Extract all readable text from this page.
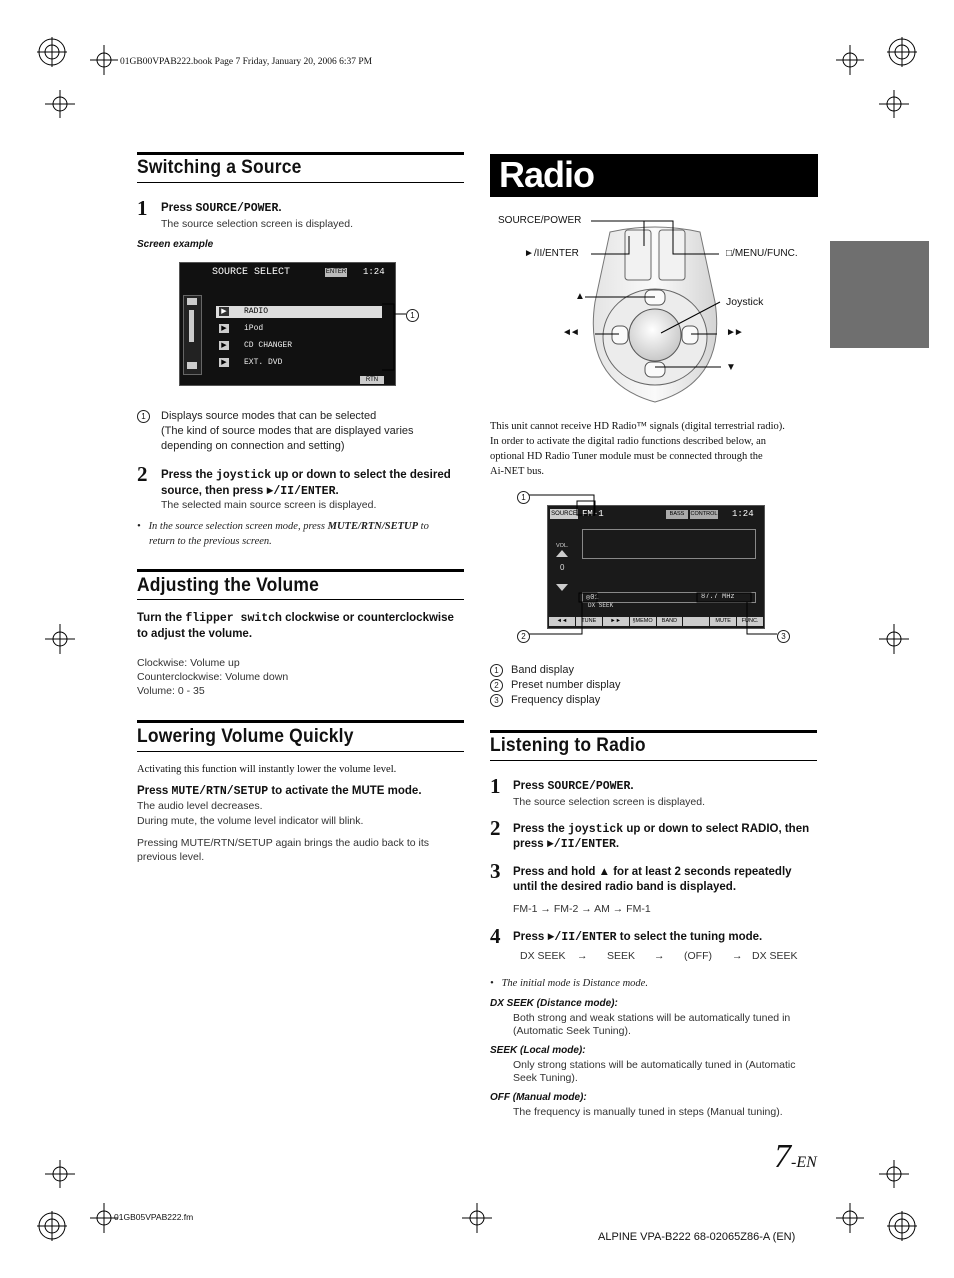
01GB00VPAB222.book Page 7 Friday, January 20, 2006 6:37 PM
Switching a Source
1 Press SOURCE/POWER.
The source selection screen is displayed.
Screen example
SOURCE SELECT	ENTER 1:24
▶ RADIO
▶ iPod
▶ CD CHANGER
▶ EXT. DVD
RTN
1
1	Displays source modes that can be selected
(The kind of source modes that are displayed varies
depending on connection and setting)
2 Press the joystick up or down to select the desired
source, then press ►/II/ENTER.
The selected main source screen is displayed.
•   In the source selection screen mode, press MUTE/RTN/SETUP to
return to the previous screen.
Adjusting the Volume
Turn the flipper switch clockwise or counterclockwise
to adjust the volume.
Clockwise: Volume up
Counterclockwise: Volume down
Volume: 0 - 35
Lowering Volume Quickly
Activating this function will instantly lower the volume level.
Press MUTE/RTN/SETUP to activate the MUTE mode.
The audio level decreases.
During mute, the volume level indicator will blink.
Pressing MUTE/RTN/SETUP again brings the audio back to its
previous level.
Radio
SOURCE/POWER
►/II/ENTER	□/MENU/FUNC.
▲	Joystick
◄◄	►►
▼
This unit cannot receive HD Radio™ signals (digital terrestrial radio).
In order to activate the digital radio functions described below, an
optional HD Radio Tuner module must be connected through the
Ai-NET bus.
SOURCE FM-1	BASS	CONTROL 1:24
VOL.
0
◎01	87.7 MHz
DX SEEK
◄◄	TUNE	►►	§MEMO	BAND	MUTE	FUNC.
1
2	3
1 Band display
2 Preset number display
3 Frequency display
Listening to Radio
1 Press SOURCE/POWER.
The source selection screen is displayed.
2 Press the joystick up or down to select RADIO, then
press ►/II/ENTER.
3 Press and hold ▲ for at least 2 seconds repeatedly
until the desired radio band is displayed.
FM-1 → FM-2 → AM → FM-1
4 Press ►/II/ENTER to select the tuning mode.
DX SEEK → SEEK → (OFF) → DX SEEK
•   The initial mode is Distance mode.
DX SEEK (Distance mode):
Both strong and weak stations will be automatically tuned in
(Automatic Seek Tuning).
SEEK (Local mode):
Only strong stations will be automatically tuned in (Automatic
Seek Tuning).
OFF (Manual mode):
The frequency is manually tuned in steps (Manual tuning).
7-EN
01GB05VPAB222.fm
ALPINE VPA-B222 68-02065Z86-A (EN)
